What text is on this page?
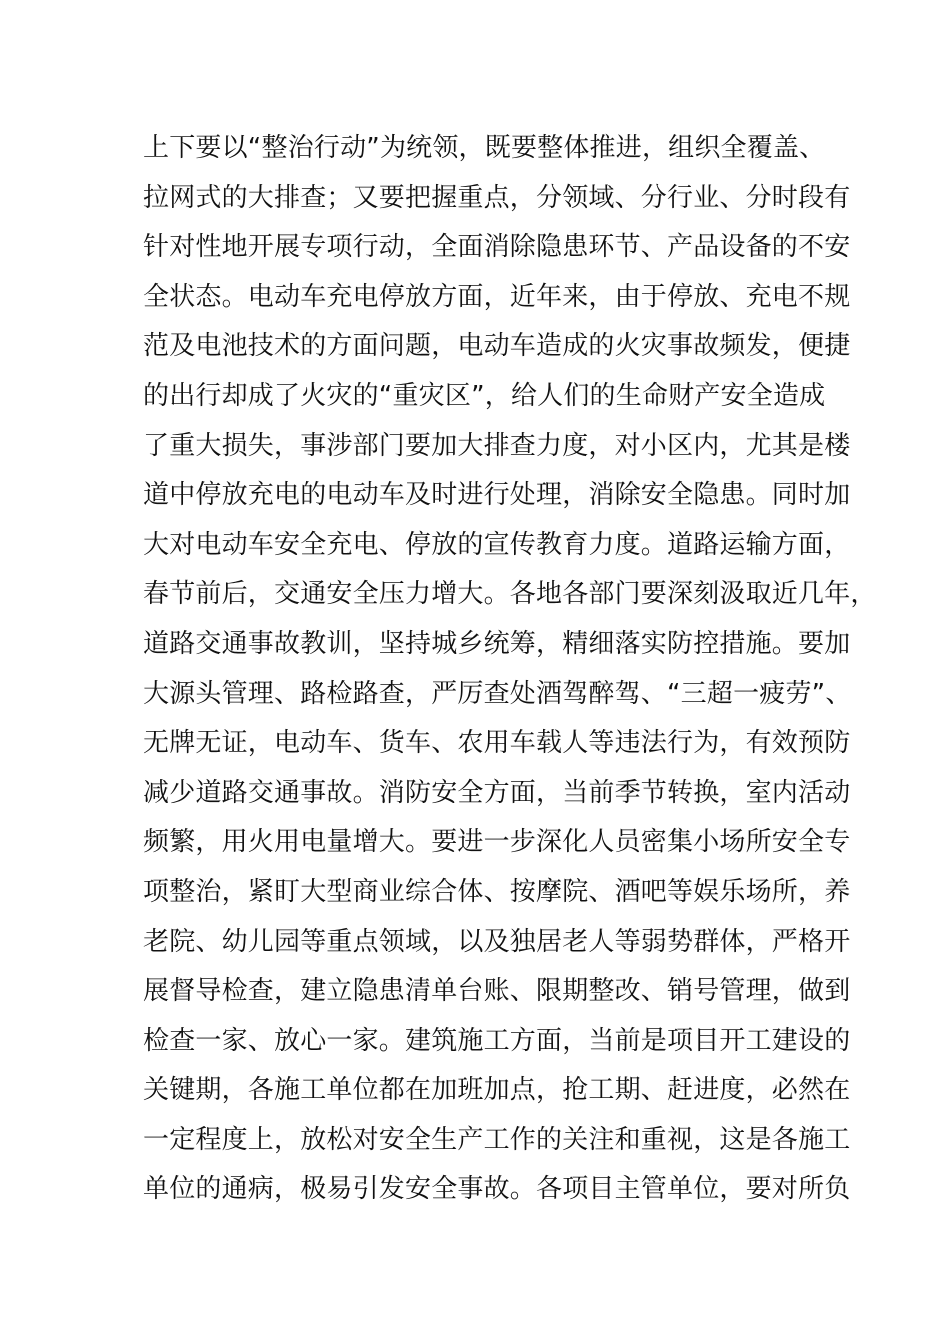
上下要以“整治行动”为统领，既要整体推进，组织全覆盖、
拉网式的大排查；又要把握重点，分领域、分行业、分时段有
针对性地开展专项行动，全面消除隐患环节、产品设备的不安
全状态。电动车充电停放方面，近年来，由于停放、充电不规
范及电池技术的方面问题，电动车造成的火灾事故频发，便捷
的出行却成了火灾的“重灾区”，给人们的生命财产安全造成
了重大损失，事涉部门要加大排查力度，对小区内，尤其是楼
道中停放充电的电动车及时进行处理，消除安全隐患。同时加
大对电动车安全充电、停放的宣传教育力度。道路运输方面，
春节前后，交通安全压力增大。各地各部门要深刻汲取近几年，
道路交通事故教训，坚持城乡统筹，精细落实防控措施。要加
大源头管理、路检路查，严厉查处酒驾醉驾、“三超一疲劳”、
无牌无证，电动车、货车、农用车载人等违法行为，有效预防
减少道路交通事故。消防安全方面，当前季节转换，室内活动
频繁，用火用电量增大。要进一步深化人员密集小场所安全专
项整治，紧盯大型商业综合体、按摩院、酒吧等娱乐场所，养
老院、幼儿园等重点领域，以及独居老人等弱势群体，严格开
展督导检查，建立隐患清单台账、限期整改、销号管理，做到
检查一家、放心一家。建筑施工方面，当前是项目开工建设的
关键期，各施工单位都在加班加点，抢工期、赶进度，必然在
一定程度上，放松对安全生产工作的关注和重视，这是各施工
单位的通病，极易引发安全事故。各项目主管单位，要对所负
